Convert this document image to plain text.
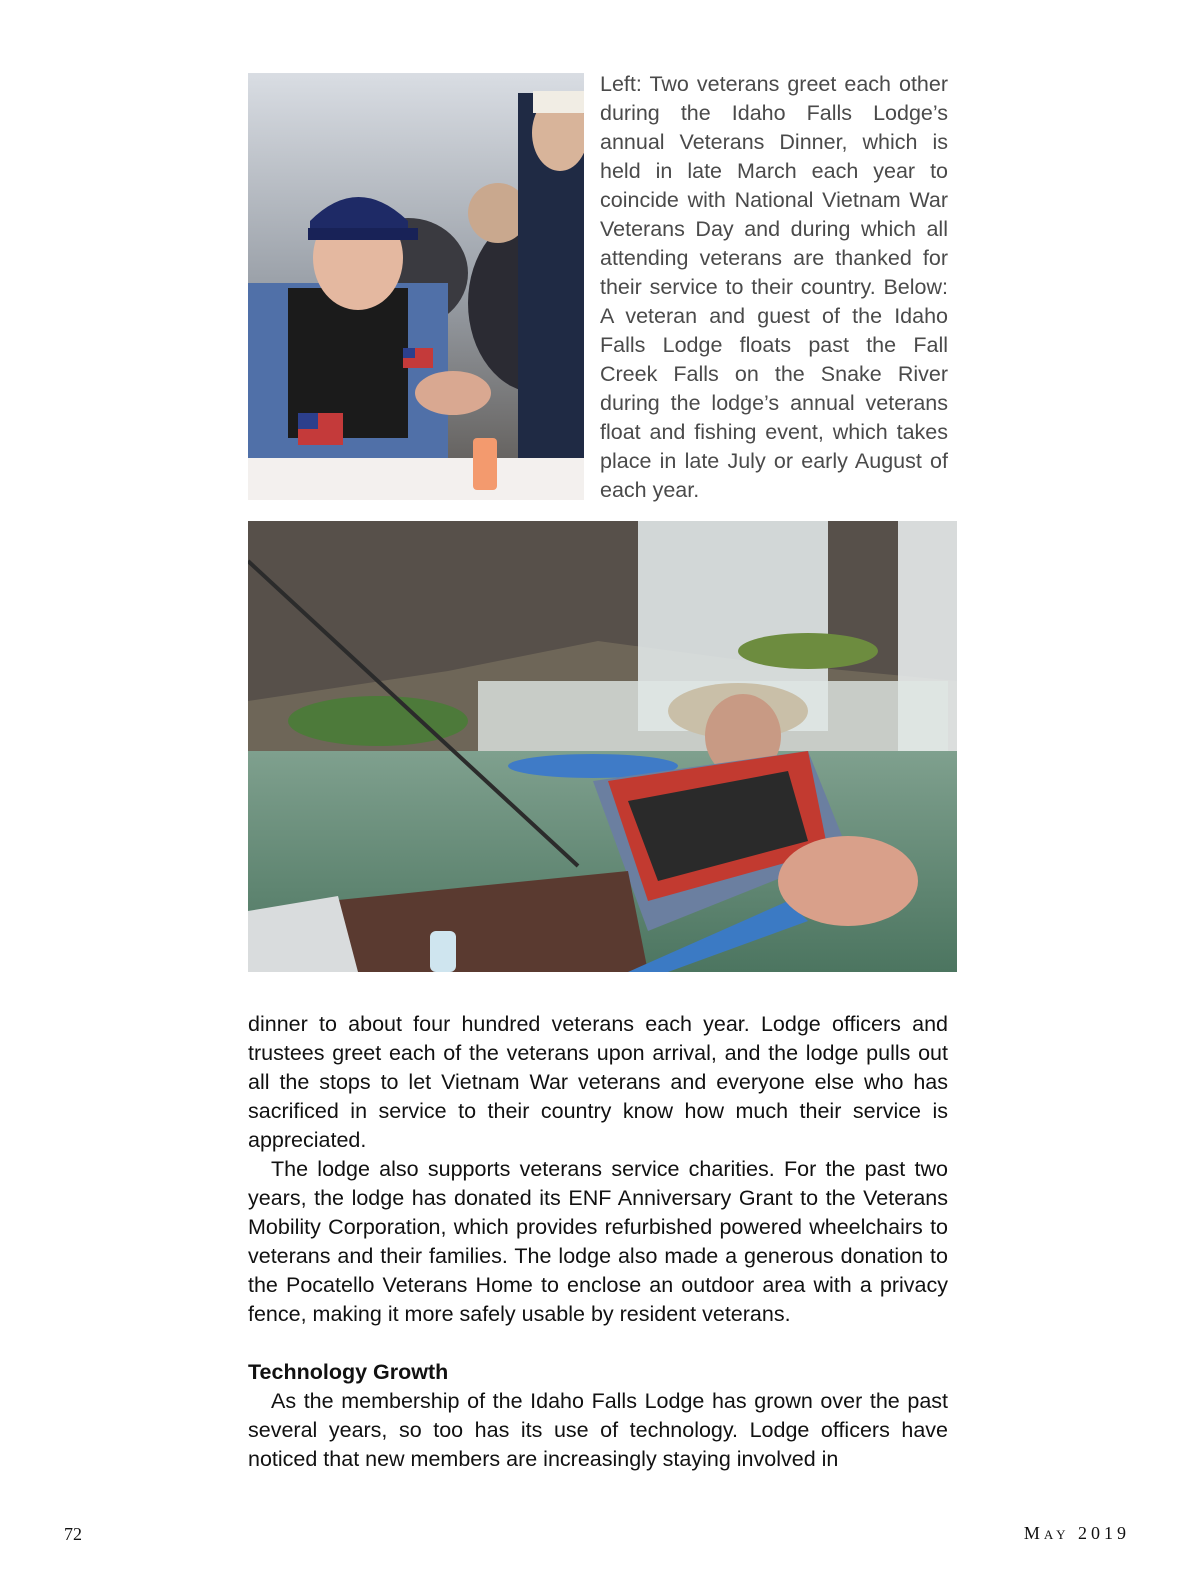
Left: Two veterans greet each other during the Idaho Falls Lodge’s annual Veterans Dinner, which is held in late March each year to coincide with National Vietnam War Veterans Day and during which all attending veterans are thanked for their service to their country. Below: A veteran and guest of the Idaho Falls Lodge floats past the Fall Creek Falls on the Snake River during the lodge’s annual veterans float and fishing event, which takes place in late July or early August of each year.

dinner to about four hundred veterans each year. Lodge officers and trustees greet each of the veterans upon arrival, and the lodge pulls out all the stops to let Vietnam War veterans and everyone else who has sacrificed in service to their country know how much their service is appreciated.

The lodge also supports veterans service charities. For the past two years, the lodge has donated its ENF Anniversary Grant to the Veterans Mobility Corporation, which provides refurbished powered wheelchairs to veterans and their families. The lodge also made a generous donation to the Pocatello Veterans Home to enclose an outdoor area with a privacy fence, making it more safely usable by resident veterans.

Technology Growth

As the membership of the Idaho Falls Lodge has grown over the past several years, so too has its use of technology. Lodge officers have noticed that new members are increasingly staying involved in

72	May 2019
